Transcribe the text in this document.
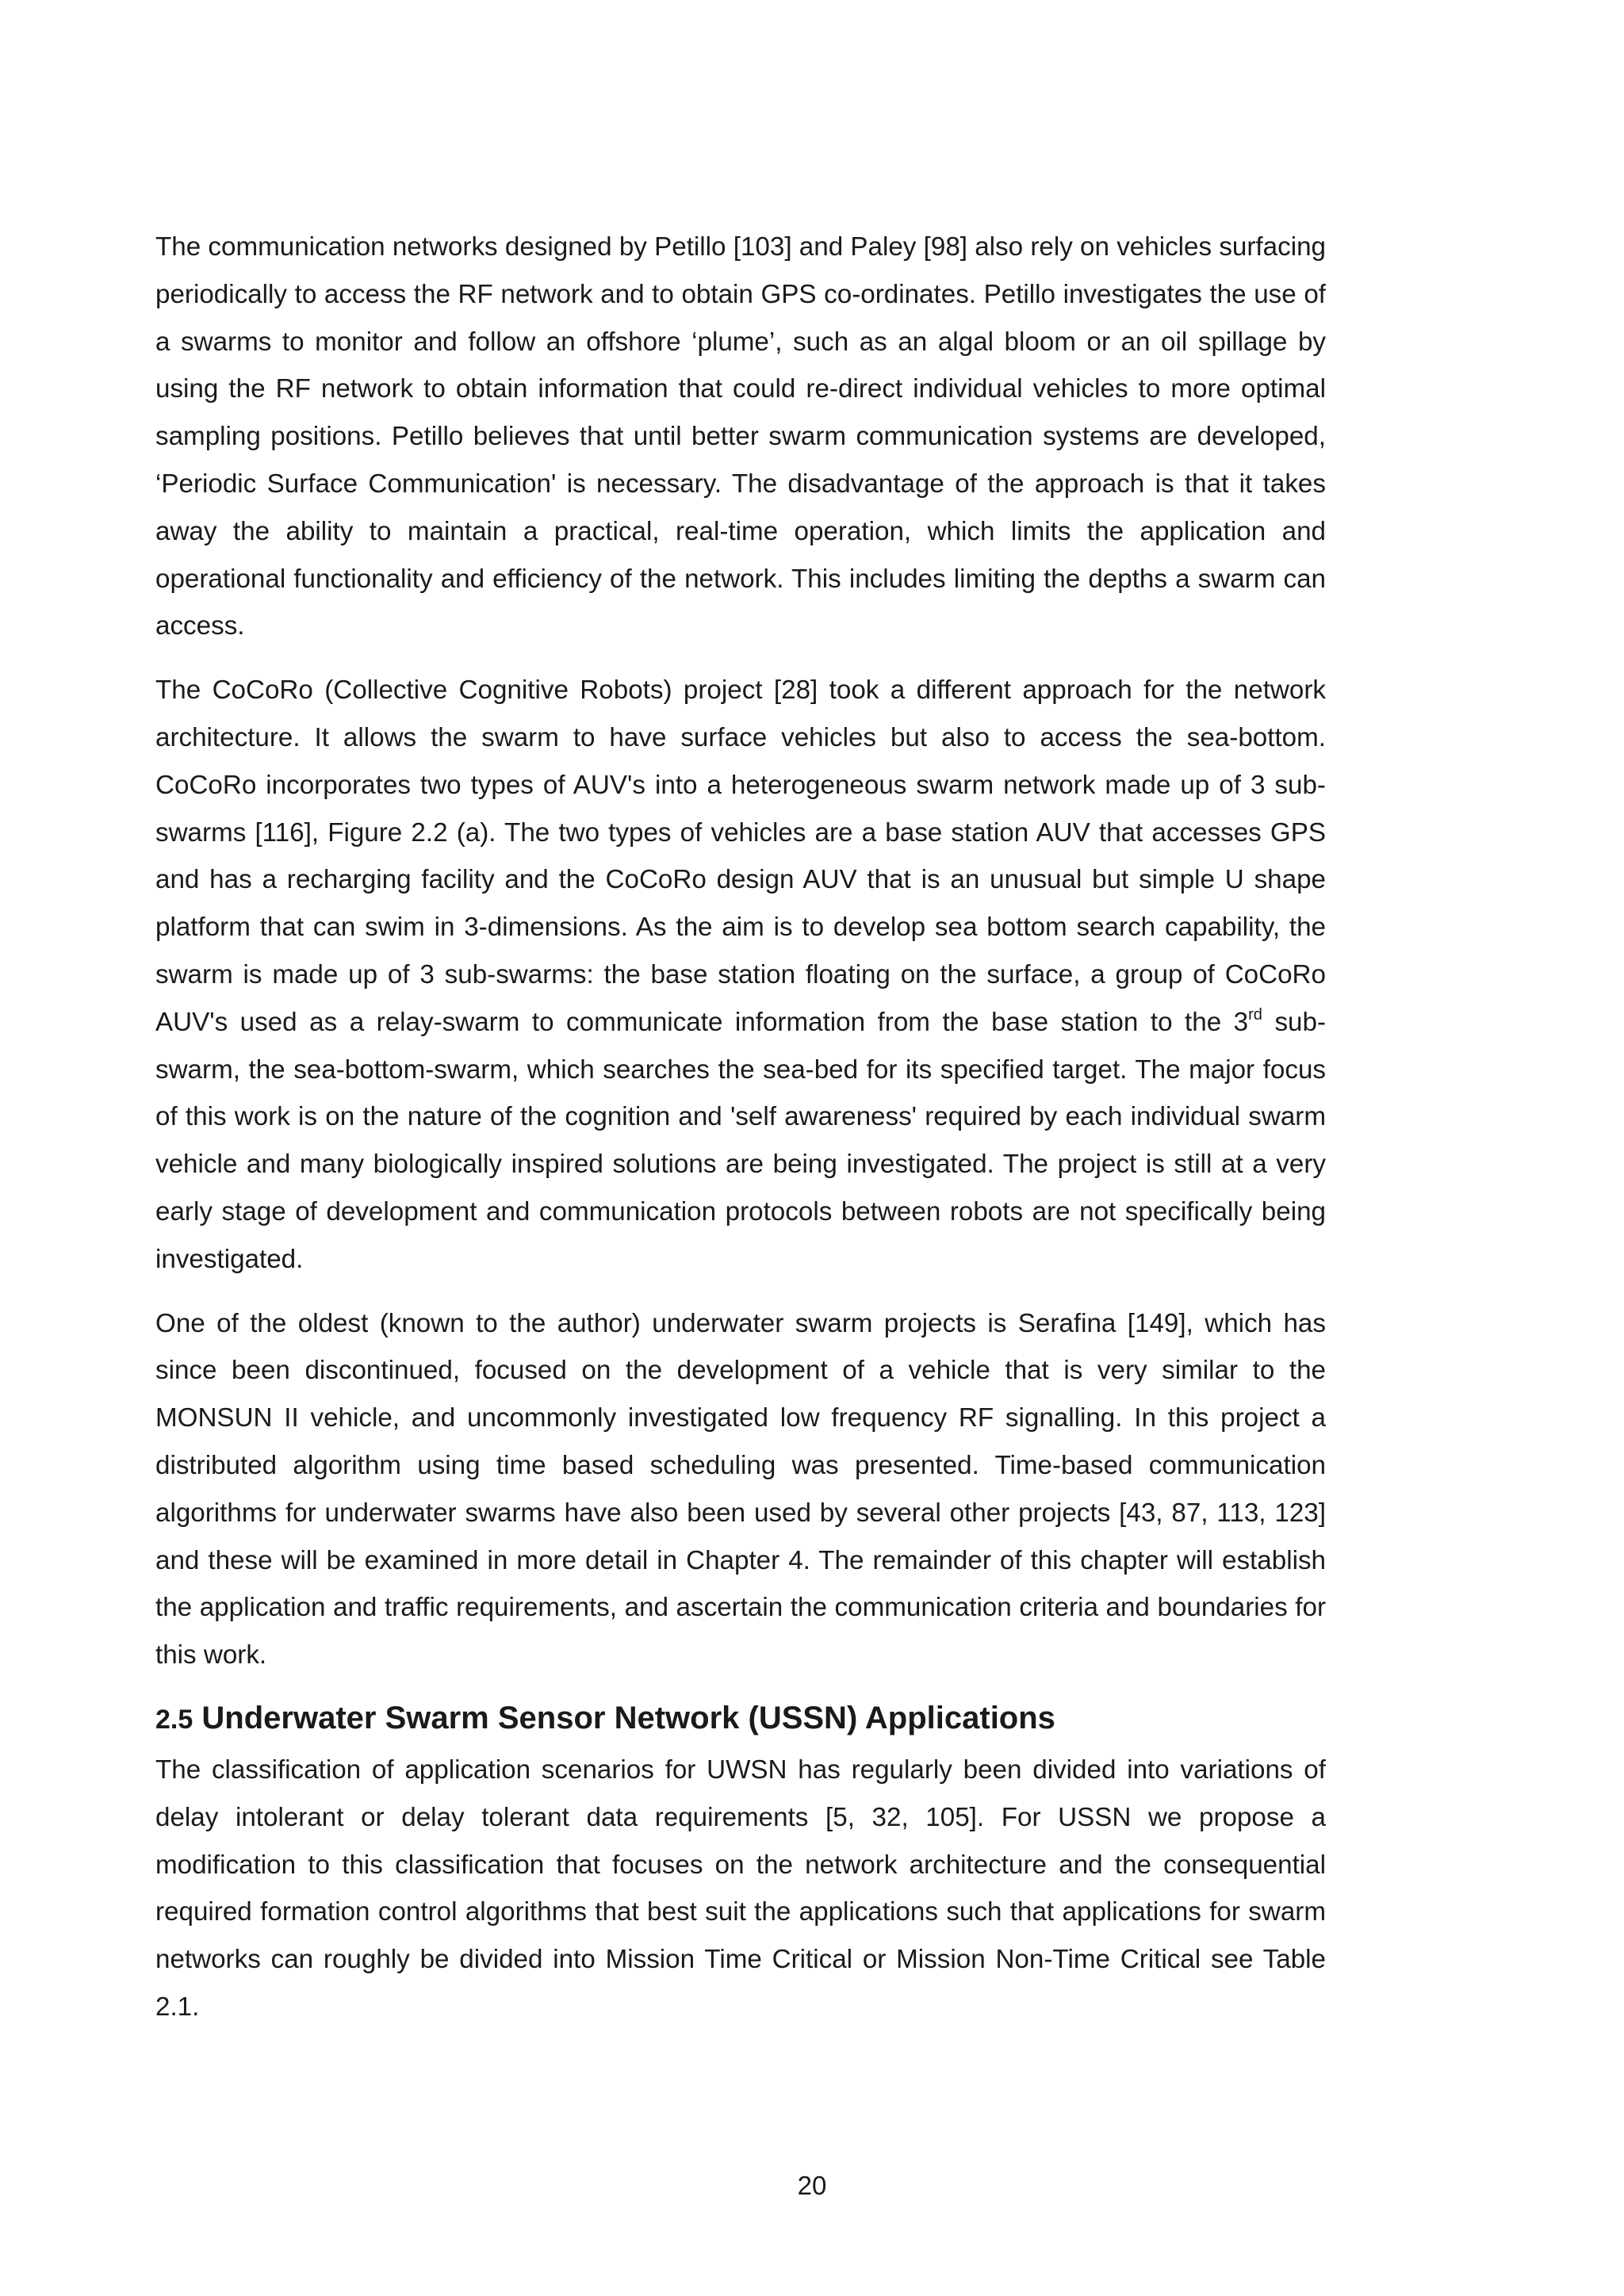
The communication networks designed by Petillo [103] and Paley [98] also rely on vehicles surfacing periodically to access the RF network and to obtain GPS co-ordinates. Petillo investigates the use of a swarms to monitor and follow an offshore ‘plume’, such as an algal bloom or an oil spillage by using the RF network to obtain information that could re-direct individual vehicles to more optimal sampling positions. Petillo believes that until better swarm communication systems are developed, ‘Periodic Surface Communication' is necessary. The disadvantage of the approach is that it takes away the ability to maintain a practical, real-time operation, which limits the application and operational functionality and efficiency of the network. This includes limiting the depths a swarm can access.

The CoCoRo (Collective Cognitive Robots) project [28] took a different approach for the network architecture. It allows the swarm to have surface vehicles but also to access the sea-bottom. CoCoRo incorporates two types of AUV's into a heterogeneous swarm network made up of 3 sub-swarms [116], Figure 2.2 (a). The two types of vehicles are a base station AUV that accesses GPS and has a recharging facility and the CoCoRo design AUV that is an unusual but simple U shape platform that can swim in 3-dimensions. As the aim is to develop sea bottom search capability, the swarm is made up of 3 sub-swarms: the base station floating on the surface, a group of CoCoRo AUV's used as a relay-swarm to communicate information from the base station to the 3rd sub-swarm, the sea-bottom-swarm, which searches the sea-bed for its specified target. The major focus of this work is on the nature of the cognition and 'self awareness' required by each individual swarm vehicle and many biologically inspired solutions are being investigated. The project is still at a very early stage of development and communication protocols between robots are not specifically being investigated.

One of the oldest (known to the author) underwater swarm projects is Serafina [149], which has since been discontinued, focused on the development of a vehicle that is very similar to the MONSUN II vehicle, and uncommonly investigated low frequency RF signalling. In this project a distributed algorithm using time based scheduling was presented. Time-based communication algorithms for underwater swarms have also been used by several other projects [43, 87, 113, 123] and these will be examined in more detail in Chapter 4. The remainder of this chapter will establish the application and traffic requirements, and ascertain the communication criteria and boundaries for this work.

2.5 Underwater Swarm Sensor Network (USSN) Applications

The classification of application scenarios for UWSN has regularly been divided into variations of delay intolerant or delay tolerant data requirements [5, 32, 105]. For USSN we propose a modification to this classification that focuses on the network architecture and the consequential required formation control algorithms that best suit the applications such that applications for swarm networks can roughly be divided into Mission Time Critical or Mission Non-Time Critical see Table 2.1.

20
